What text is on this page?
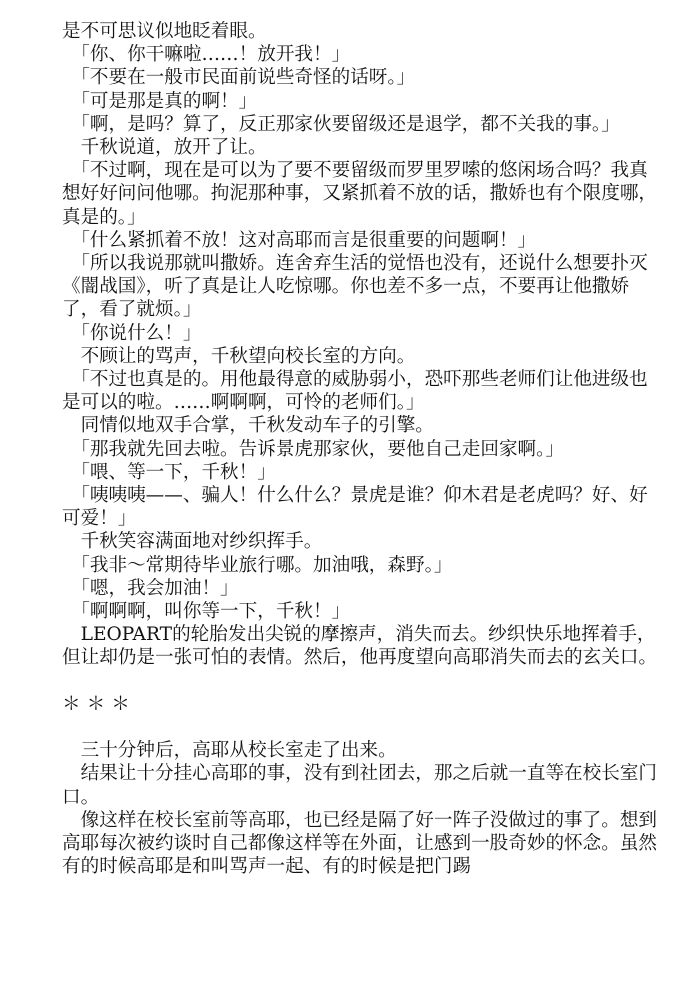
是不可思议似地眨着眼。

　「你、你干嘛啦……！放开我！」

　「不要在一般市民面前说些奇怪的话呀。」

　「可是那是真的啊！」

　「啊，是吗？算了，反正那家伙要留级还是退学，都不关我的事。」

　千秋说道，放开了让。

　「不过啊，现在是可以为了要不要留级而罗里罗嗦的悠闲场合吗？我真想好好问问他哪。拘泥那种事，又紧抓着不放的话，撒娇也有个限度哪，真是的。」

　「什么紧抓着不放！这对高耶而言是很重要的问题啊！」

　「所以我说那就叫撒娇。连舍弃生活的觉悟也没有，还说什么想要扑灭《闇战国》，听了真是让人吃惊哪。你也差不多一点，不要再让他撒娇了，看了就烦。」

　「你说什么！」

　不顾让的骂声，千秋望向校长室的方向。

　「不过也真是的。用他最得意的威胁弱小，恐吓那些老师们让他进级也是可以的啦。……啊啊啊，可怜的老师们。」

　同情似地双手合掌，千秋发动车子的引擎。

　「那我就先回去啦。告诉景虎那家伙，要他自己走回家啊。」

　「喂、等一下，千秋！」

　「咦咦咦——、骗人！什么什么？景虎是谁？仰木君是老虎吗？好、好可爱！」

　千秋笑容满面地对纱织挥手。

　「我非～常期待毕业旅行哪。加油哦，森野。」

　「嗯，我会加油！」

　「啊啊啊，叫你等一下，千秋！」

　LEOPART的轮胎发出尖锐的摩擦声，消失而去。纱织快乐地挥着手，但让却仍是一张可怕的表情。然后，他再度望向高耶消失而去的玄关口。

＊＊＊

　三十分钟后，高耶从校长室走了出来。

　结果让十分挂心高耶的事，没有到社团去，那之后就一直等在校长室门口。

　像这样在校长室前等高耶，也已经是隔了好一阵子没做过的事了。想到高耶每次被约谈时自己都像这样等在外面，让感到一股奇妙的怀念。虽然有的时候高耶是和叫骂声一起、有的时候是把门踢
